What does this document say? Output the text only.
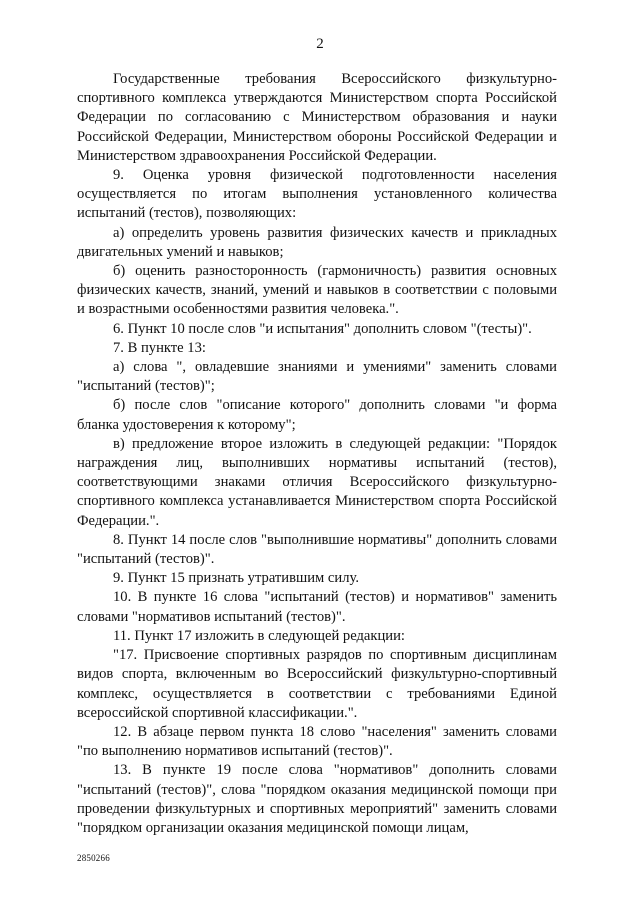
2

Государственные требования Всероссийского физкультурно-спортивного комплекса утверждаются Министерством спорта Российской Федерации по согласованию с Министерством образования и науки Российской Федерации, Министерством обороны Российской Федерации и Министерством здравоохранения Российской Федерации.

9. Оценка уровня физической подготовленности населения осуществляется по итогам выполнения установленного количества испытаний (тестов), позволяющих:

а) определить уровень развития физических качеств и прикладных двигательных умений и навыков;

б) оценить разносторонность (гармоничность) развития основных физических качеств, знаний, умений и навыков в соответствии с половыми и возрастными особенностями развития человека.".

6. Пункт 10 после слов "и испытания" дополнить словом "(тесты)".

7. В пункте 13:

а) слова ", овладевшие знаниями и умениями" заменить словами "испытаний (тестов)";

б) после слов "описание которого" дополнить словами "и форма бланка удостоверения к которому";

в) предложение второе изложить в следующей редакции: "Порядок награждения лиц, выполнивших нормативы испытаний (тестов), соответствующими знаками отличия Всероссийского физкультурно-спортивного комплекса устанавливается Министерством спорта Российской Федерации.".

8. Пункт 14 после слов "выполнившие нормативы" дополнить словами "испытаний (тестов)".

9. Пункт 15 признать утратившим силу.

10. В пункте 16 слова "испытаний (тестов) и нормативов" заменить словами "нормативов испытаний (тестов)".

11. Пункт 17 изложить в следующей редакции:

"17. Присвоение спортивных разрядов по спортивным дисциплинам видов спорта, включенным во Всероссийский физкультурно-спортивный комплекс, осуществляется в соответствии с требованиями Единой всероссийской спортивной классификации.".

12. В абзаце первом пункта 18 слово "населения" заменить словами "по выполнению нормативов испытаний (тестов)".

13. В пункте 19 после слова "нормативов" дополнить словами "испытаний (тестов)", слова "порядком оказания медицинской помощи при проведении физкультурных и спортивных мероприятий" заменить словами "порядком организации оказания медицинской помощи лицам,

2850266
